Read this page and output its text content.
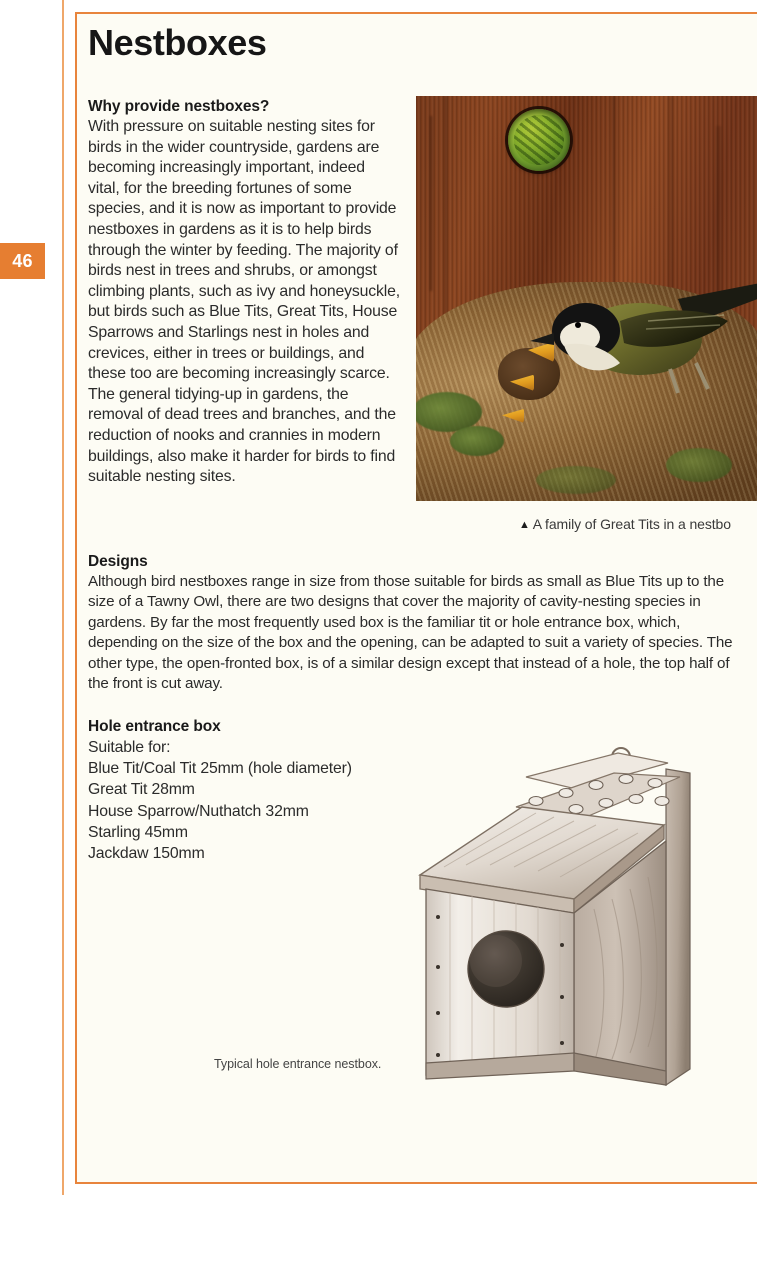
46
Nestboxes
▲ A family of Great Tits in a nestbo
Why provide nestboxes?

With pressure on suitable nesting sites for birds in the wider countryside, gardens are becoming increasingly important, indeed vital, for the breeding fortunes of some species, and it is now as important to provide nestboxes in gardens as it is to help birds through the winter by feeding. The majority of birds nest in trees and shrubs, or amongst climbing plants, such as ivy and honeysuckle, but birds such as Blue Tits, Great Tits, House Sparrows and Starlings nest in holes and crevices, either in trees or buildings, and these too are becoming increasingly scarce. The general tidying-up in gardens, the removal of dead trees and branches, and the reduction of nooks and crannies in modern buildings, also make it harder for birds to find suitable nesting sites.

Designs

Although bird nestboxes range in size from those suitable for birds as small as Blue Tits up to the size of a Tawny Owl, there are two designs that cover the majority of cavity-nesting species in gardens. By far the most frequently used box is the familiar tit or hole entrance box, which, depending on the size of the box and the opening, can be adapted to suit a variety of species. The other type, the open-fronted box, is of a similar design except that instead of a hole, the top half of the front is cut away.

Hole entrance box
Suitable for:
Blue Tit/Coal Tit 25mm (hole diameter)
Great Tit 28mm
House Sparrow/Nuthatch 32mm
Starling 45mm
Jackdaw 150mm
Typical hole entrance nestbox.
